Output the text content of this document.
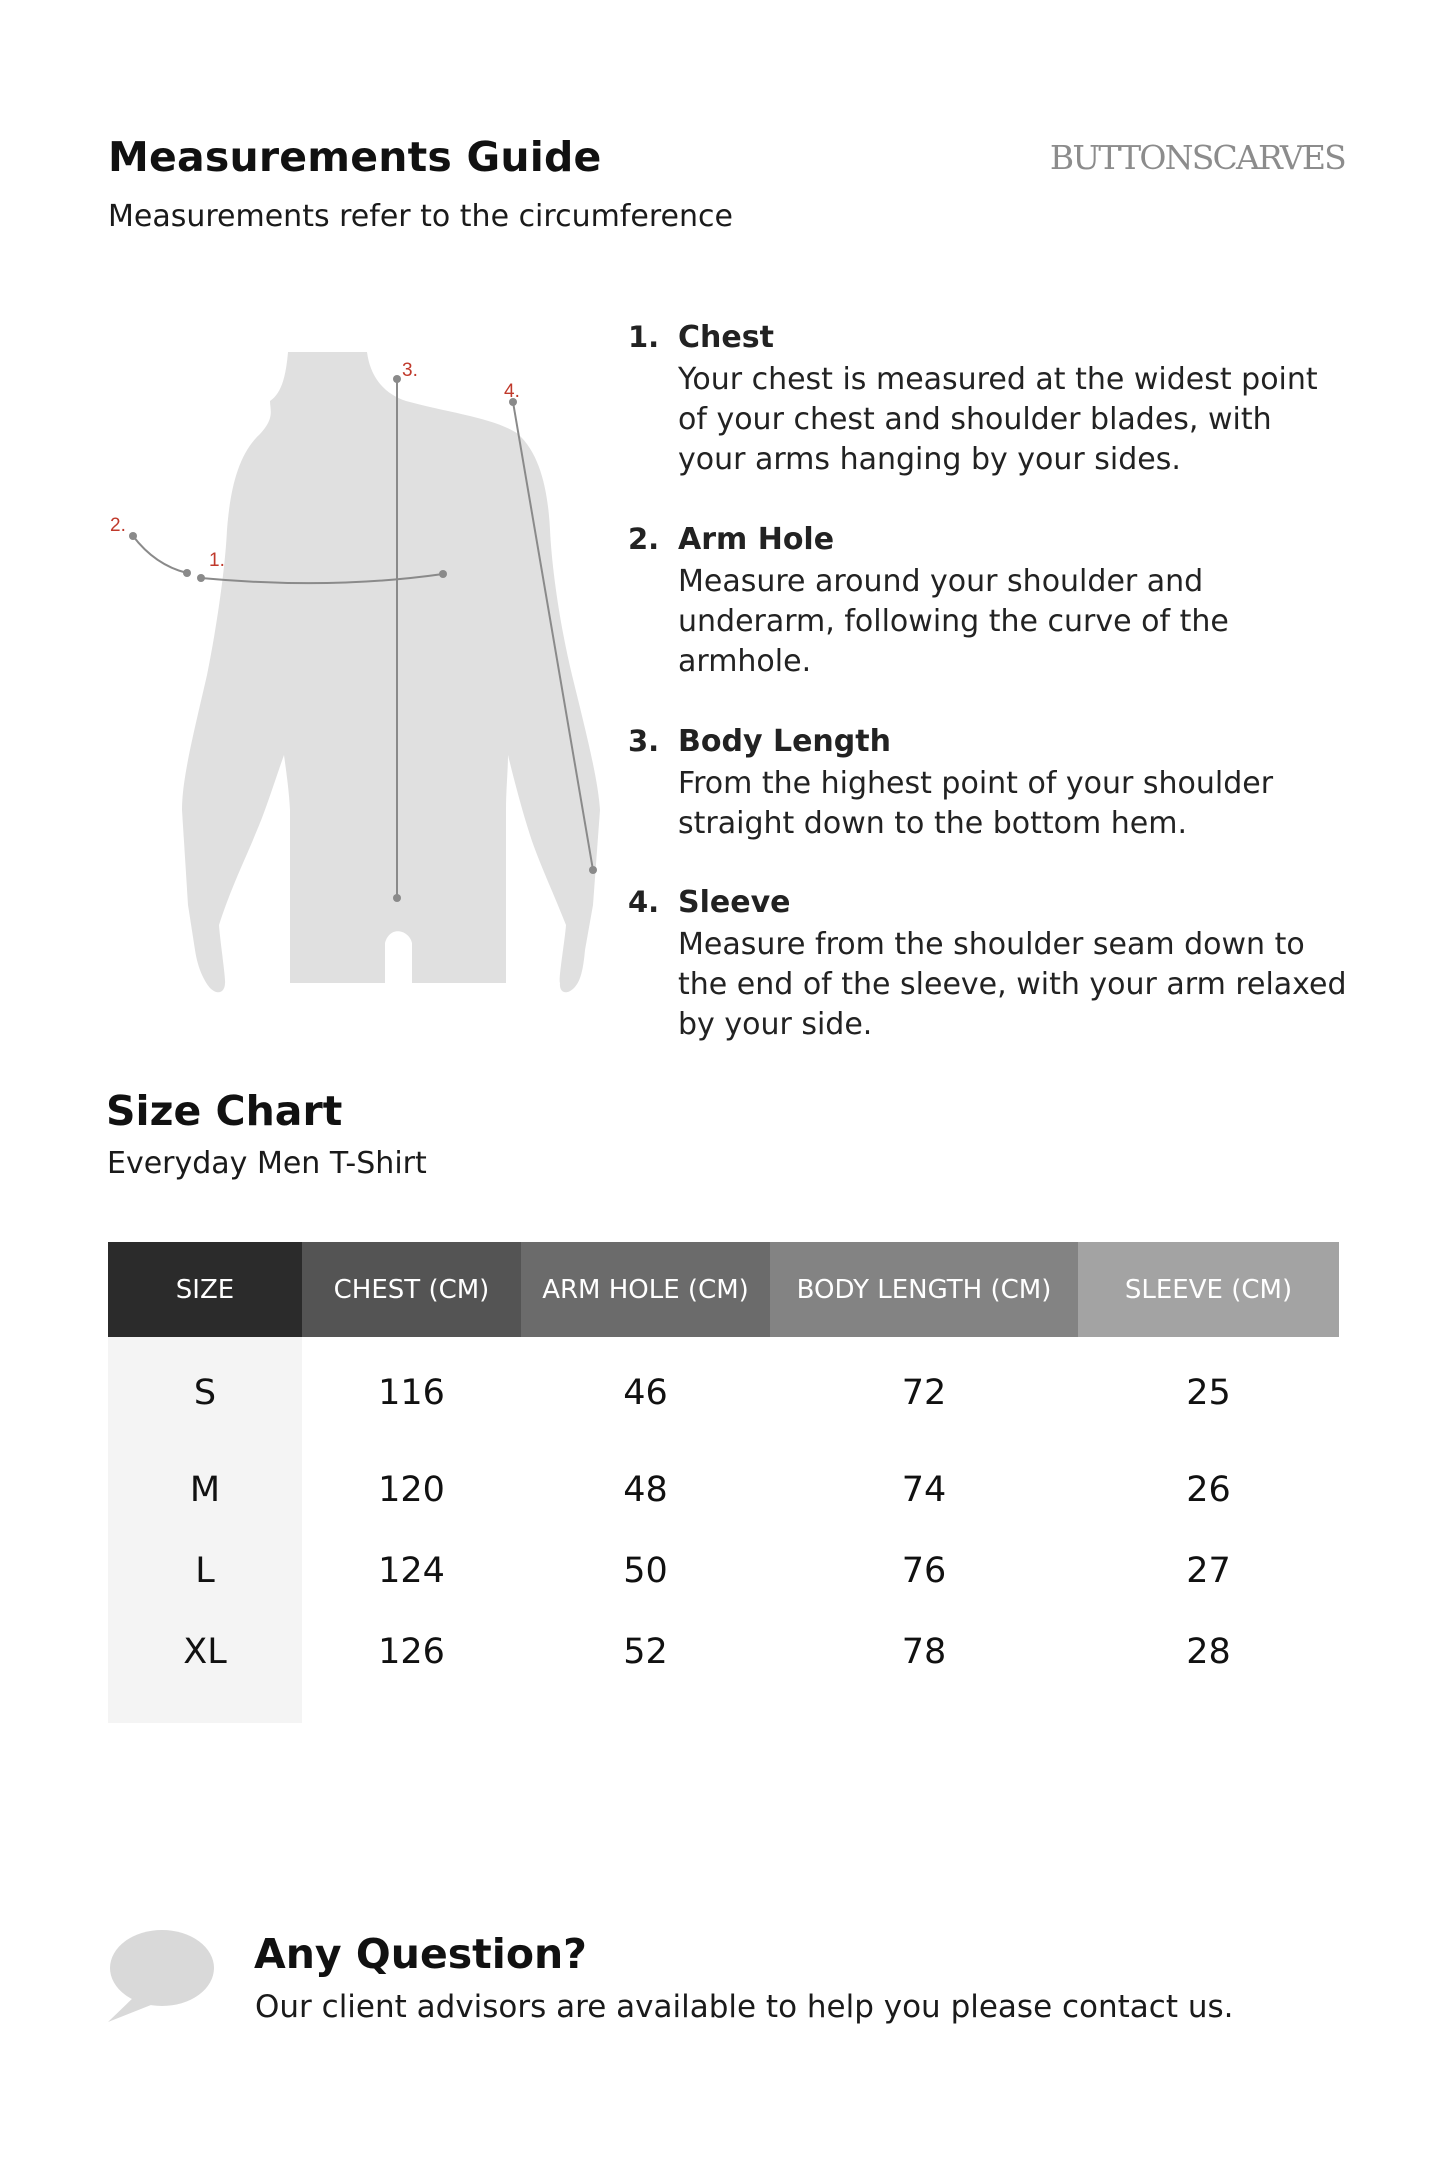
Measurements Guide
Measurements refer to the circumference
BUTTONSCARVES
1.
2.
3.
4.
1. Chest
Your chest is measured at the widest point of your chest and shoulder blades, with your arms hanging by your sides.
2. Arm Hole
Measure around your shoulder and underarm, following the curve of the armhole.
3. Body Length
From the highest point of your shoulder straight down to the bottom hem.
4. Sleeve
Measure from the shoulder seam down to the end of the sleeve, with your arm relaxed by your side.
Size Chart
Everyday Men T-Shirt
SIZE	CHEST (CM)	ARM HOLE (CM)	BODY LENGTH (CM)	SLEEVE (CM)
S	116	46	72	25
M	120	48	74	26
L	124	50	76	27
XL	126	52	78	28

Any Question?
Our client advisors are available to help you please contact us.
